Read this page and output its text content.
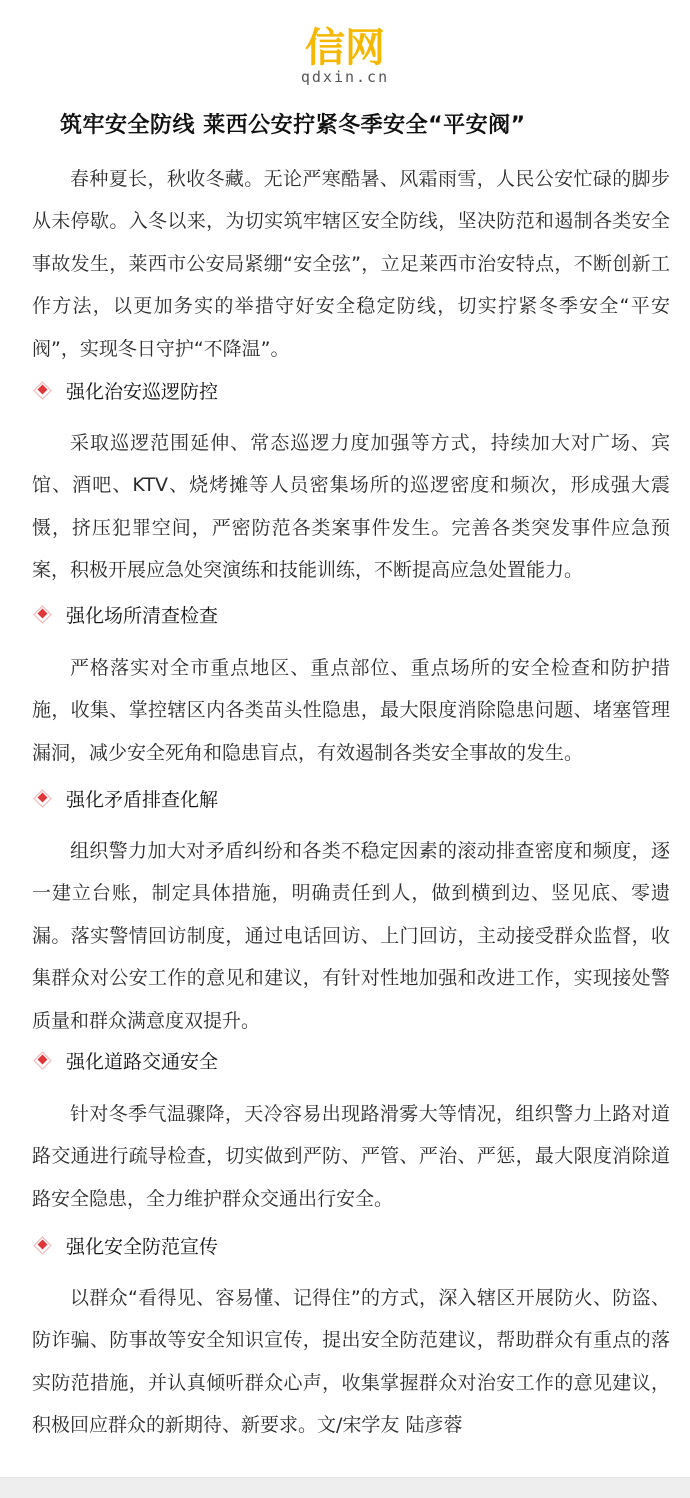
信网
qdxin.cn
筑牢安全防线 莱西公安拧紧冬季安全“平安阀”

春种夏长，秋收冬藏。无论严寒酷暑、风霜雨雪，人民公安忙碌的脚步从未停歇。入冬以来，为切实筑牢辖区安全防线，坚决防范和遏制各类安全事故发生，莱西市公安局紧绷“安全弦”，立足莱西市治安特点，不断创新工作方法，以更加务实的举措守好安全稳定防线，切实拧紧冬季安全“平安阀”，实现冬日守护“不降温”。

强化治安巡逻防控

采取巡逻范围延伸、常态巡逻力度加强等方式，持续加大对广场、宾馆、酒吧、KTV、烧烤摊等人员密集场所的巡逻密度和频次，形成强大震慑，挤压犯罪空间，严密防范各类案事件发生。完善各类突发事件应急预案，积极开展应急处突演练和技能训练，不断提高应急处置能力。

强化场所清查检查

严格落实对全市重点地区、重点部位、重点场所的安全检查和防护措施，收集、掌控辖区内各类苗头性隐患，最大限度消除隐患问题、堵塞管理漏洞，减少安全死角和隐患盲点，有效遏制各类安全事故的发生。

强化矛盾排查化解

组织警力加大对矛盾纠纷和各类不稳定因素的滚动排查密度和频度，逐一建立台账，制定具体措施，明确责任到人，做到横到边、竖见底、零遗漏。落实警情回访制度，通过电话回访、上门回访，主动接受群众监督，收集群众对公安工作的意见和建议，有针对性地加强和改进工作，实现接处警质量和群众满意度双提升。

强化道路交通安全

针对冬季气温骤降，天冷容易出现路滑雾大等情况，组织警力上路对道路交通进行疏导检查，切实做到严防、严管、严治、严惩，最大限度消除道路安全隐患，全力维护群众交通出行安全。

强化安全防范宣传

以群众“看得见、容易懂、记得住”的方式，深入辖区开展防火、防盗、防诈骗、防事故等安全知识宣传，提出安全防范建议，帮助群众有重点的落实防范措施，并认真倾听群众心声，收集掌握群众对治安工作的意见建议，积极回应群众的新期待、新要求。文/宋学友 陆彦蓉
